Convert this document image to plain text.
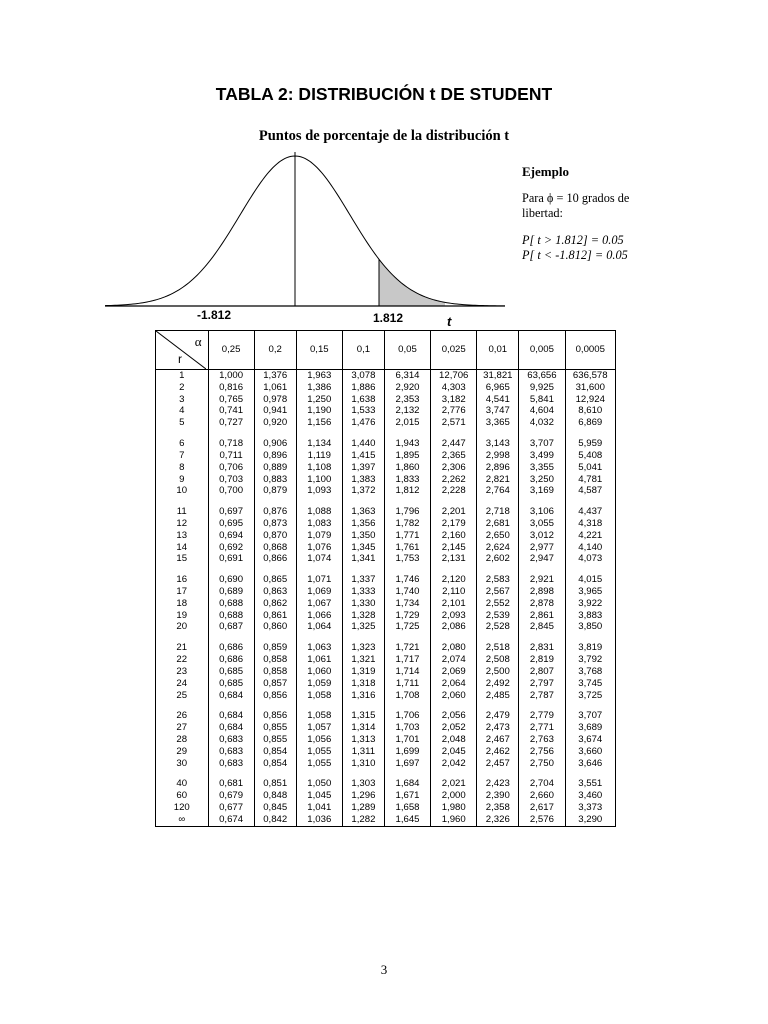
TABLA 2: DISTRIBUCIÓN t DE STUDENT
Puntos de porcentaje de la distribución t
-1.812	1.812	t
Ejemplo
Para ϕ = 10 grados de libertad:
P[ t > 1.812] = 0.05
P[ t < -1.812] = 0.05
α
r	0,25	0,2	0,15	0,1	0,05	0,025	0,01	0,005	0,0005
1	1,000	1,376	1,963	3,078	6,314	12,706	31,821	63,656	636,578
2	0,816	1,061	1,386	1,886	2,920	4,303	6,965	9,925	31,600
3	0,765	0,978	1,250	1,638	2,353	3,182	4,541	5,841	12,924
4	0,741	0,941	1,190	1,533	2,132	2,776	3,747	4,604	8,610
5	0,727	0,920	1,156	1,476	2,015	2,571	3,365	4,032	6,869

6	0,718	0,906	1,134	1,440	1,943	2,447	3,143	3,707	5,959
7	0,711	0,896	1,119	1,415	1,895	2,365	2,998	3,499	5,408
8	0,706	0,889	1,108	1,397	1,860	2,306	2,896	3,355	5,041
9	0,703	0,883	1,100	1,383	1,833	2,262	2,821	3,250	4,781
10	0,700	0,879	1,093	1,372	1,812	2,228	2,764	3,169	4,587

11	0,697	0,876	1,088	1,363	1,796	2,201	2,718	3,106	4,437
12	0,695	0,873	1,083	1,356	1,782	2,179	2,681	3,055	4,318
13	0,694	0,870	1,079	1,350	1,771	2,160	2,650	3,012	4,221
14	0,692	0,868	1,076	1,345	1,761	2,145	2,624	2,977	4,140
15	0,691	0,866	1,074	1,341	1,753	2,131	2,602	2,947	4,073

16	0,690	0,865	1,071	1,337	1,746	2,120	2,583	2,921	4,015
17	0,689	0,863	1,069	1,333	1,740	2,110	2,567	2,898	3,965
18	0,688	0,862	1,067	1,330	1,734	2,101	2,552	2,878	3,922
19	0,688	0,861	1,066	1,328	1,729	2,093	2,539	2,861	3,883
20	0,687	0,860	1,064	1,325	1,725	2,086	2,528	2,845	3,850

21	0,686	0,859	1,063	1,323	1,721	2,080	2,518	2,831	3,819
22	0,686	0,858	1,061	1,321	1,717	2,074	2,508	2,819	3,792
23	0,685	0,858	1,060	1,319	1,714	2,069	2,500	2,807	3,768
24	0,685	0,857	1,059	1,318	1,711	2,064	2,492	2,797	3,745
25	0,684	0,856	1,058	1,316	1,708	2,060	2,485	2,787	3,725

26	0,684	0,856	1,058	1,315	1,706	2,056	2,479	2,779	3,707
27	0,684	0,855	1,057	1,314	1,703	2,052	2,473	2,771	3,689
28	0,683	0,855	1,056	1,313	1,701	2,048	2,467	2,763	3,674
29	0,683	0,854	1,055	1,311	1,699	2,045	2,462	2,756	3,660
30	0,683	0,854	1,055	1,310	1,697	2,042	2,457	2,750	3,646

40	0,681	0,851	1,050	1,303	1,684	2,021	2,423	2,704	3,551
60	0,679	0,848	1,045	1,296	1,671	2,000	2,390	2,660	3,460
120	0,677	0,845	1,041	1,289	1,658	1,980	2,358	2,617	3,373
∞	0,674	0,842	1,036	1,282	1,645	1,960	2,326	2,576	3,290
3
